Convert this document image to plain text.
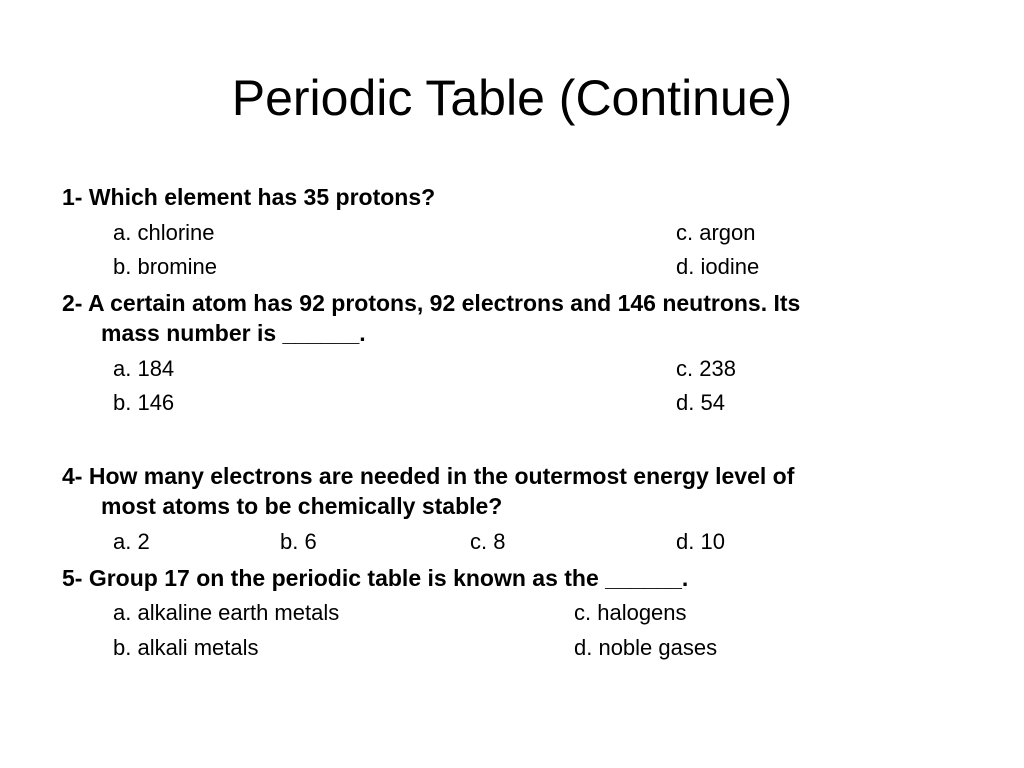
Periodic Table (Continue)
1- Which element has 35 protons?
a. chlorine	c. argon
b. bromine	d. iodine
2- A certain atom has 92 protons, 92 electrons and 146 neutrons. Its
mass number is ______.
a. 184	c. 238
b. 146	d. 54
4- How many electrons are needed in the outermost energy level of
most atoms to be chemically stable?
a. 2	b. 6	c. 8	d. 10
5- Group 17 on the periodic table is known as the ______.
a. alkaline earth metals	c. halogens
b. alkali metals	d. noble gases
